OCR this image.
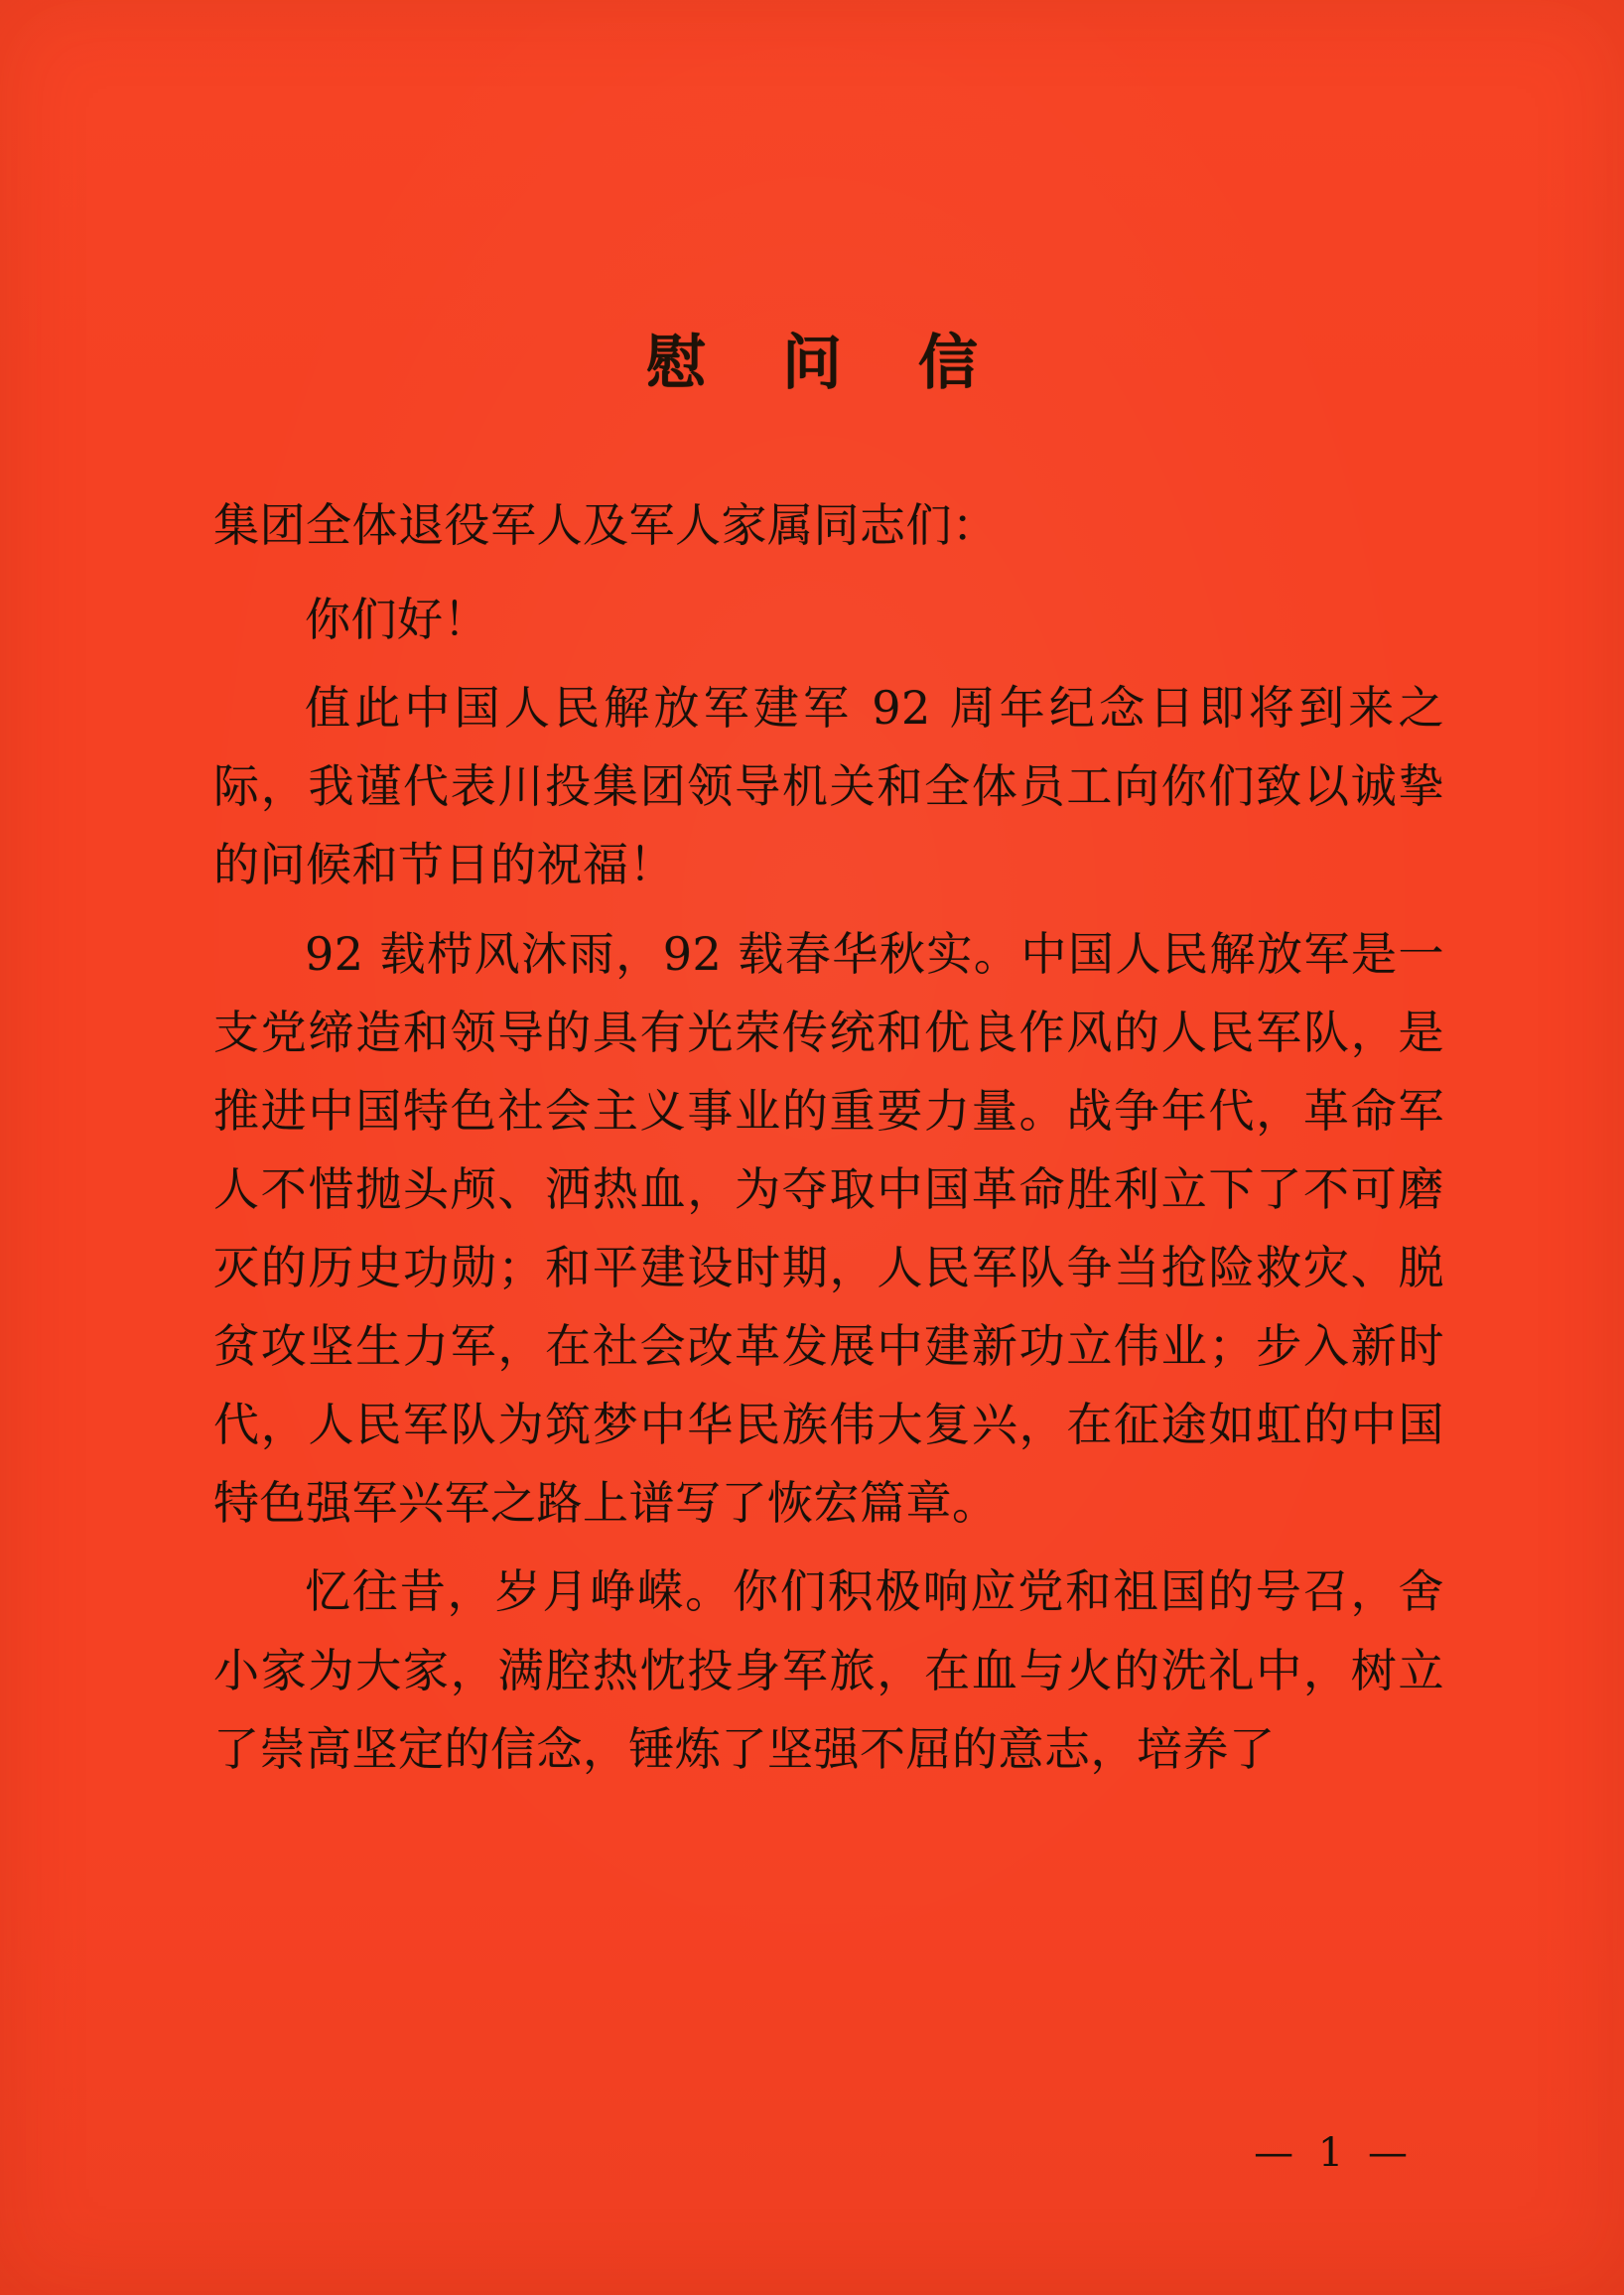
慰 问 信

集团全体退役军人及军人家属同志们：

你们好！

值此中国人民解放军建军 92 周年纪念日即将到来之际，我谨代表川投集团领导机关和全体员工向你们致以诚挚的问候和节日的祝福！

92 载栉风沐雨，92 载春华秋实。中国人民解放军是一支党缔造和领导的具有光荣传统和优良作风的人民军队，是推进中国特色社会主义事业的重要力量。战争年代，革命军人不惜抛头颅、洒热血，为夺取中国革命胜利立下了不可磨灭的历史功勋；和平建设时期，人民军队争当抢险救灾、脱贫攻坚生力军，在社会改革发展中建新功立伟业；步入新时代，人民军队为筑梦中华民族伟大复兴，在征途如虹的中国特色强军兴军之路上谱写了恢宏篇章。

忆往昔，岁月峥嵘。你们积极响应党和祖国的号召，舍小家为大家，满腔热忱投身军旅，在血与火的洗礼中，树立了崇高坚定的信念，锤炼了坚强不屈的意志，培养了

— 1 —
